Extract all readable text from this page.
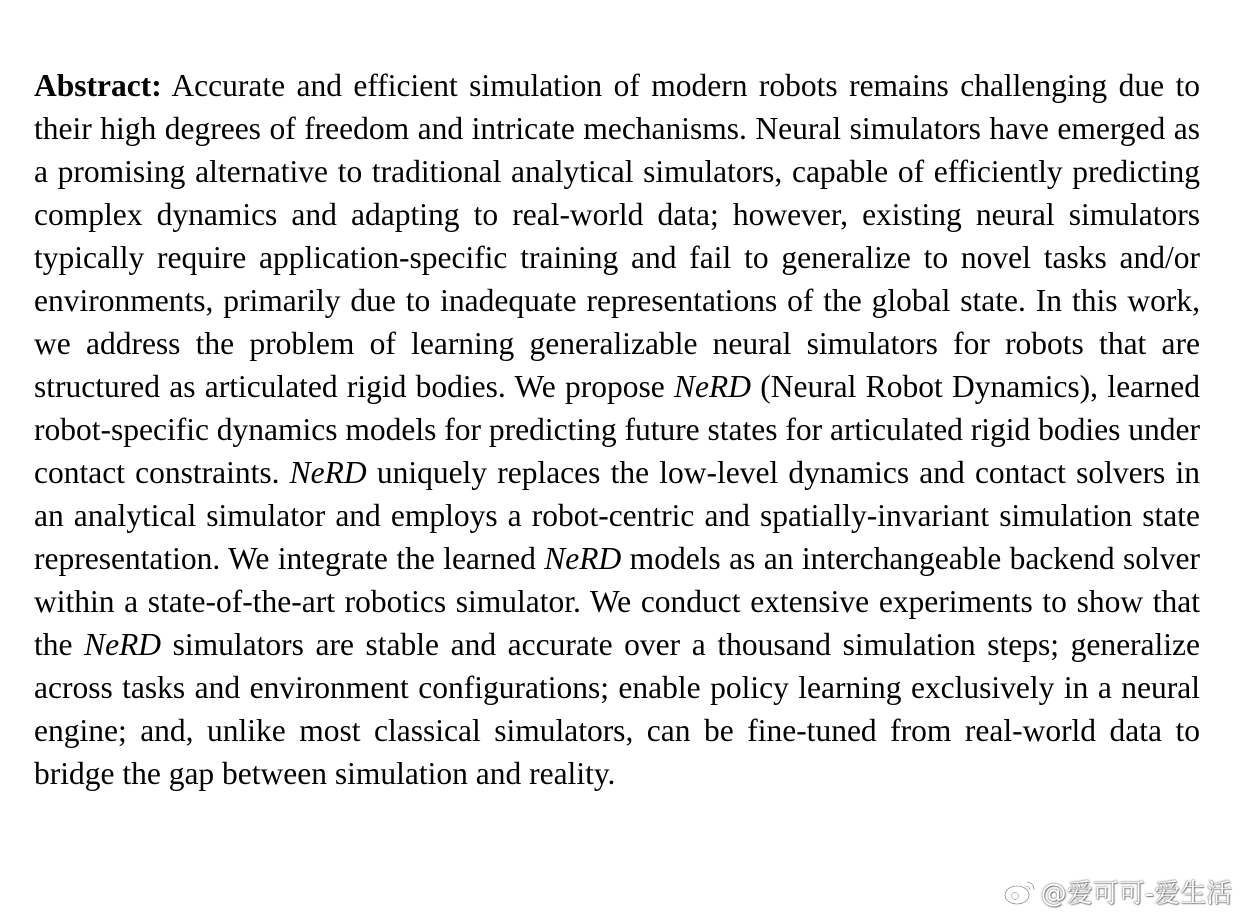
Abstract: Accurate and efficient simulation of modern robots remains challenging due to their high degrees of freedom and intricate mechanisms. Neural simulators have emerged as a promising alternative to traditional analytical simulators, capable of efficiently predicting complex dynamics and adapting to real-world data; however, existing neural simulators typically require application-specific training and fail to generalize to novel tasks and/or environments, primarily due to inadequate representations of the global state. In this work, we address the problem of learning generalizable neural simulators for robots that are structured as articulated rigid bodies. We propose NeRD (Neural Robot Dynamics), learned robot-specific dynamics models for predicting future states for articulated rigid bodies under contact constraints. NeRD uniquely replaces the low-level dynamics and contact solvers in an analytical simulator and employs a robot-centric and spatially-invariant simulation state representation. We integrate the learned NeRD models as an interchangeable backend solver within a state-of-the-art robotics simulator. We conduct extensive experiments to show that the NeRD simulators are stable and accurate over a thousand simulation steps; generalize across tasks and environment configurations; enable policy learning exclusively in a neural engine; and, unlike most classical simulators, can be fine-tuned from real-world data to bridge the gap between simulation and reality.
@爱可可-爱生活
